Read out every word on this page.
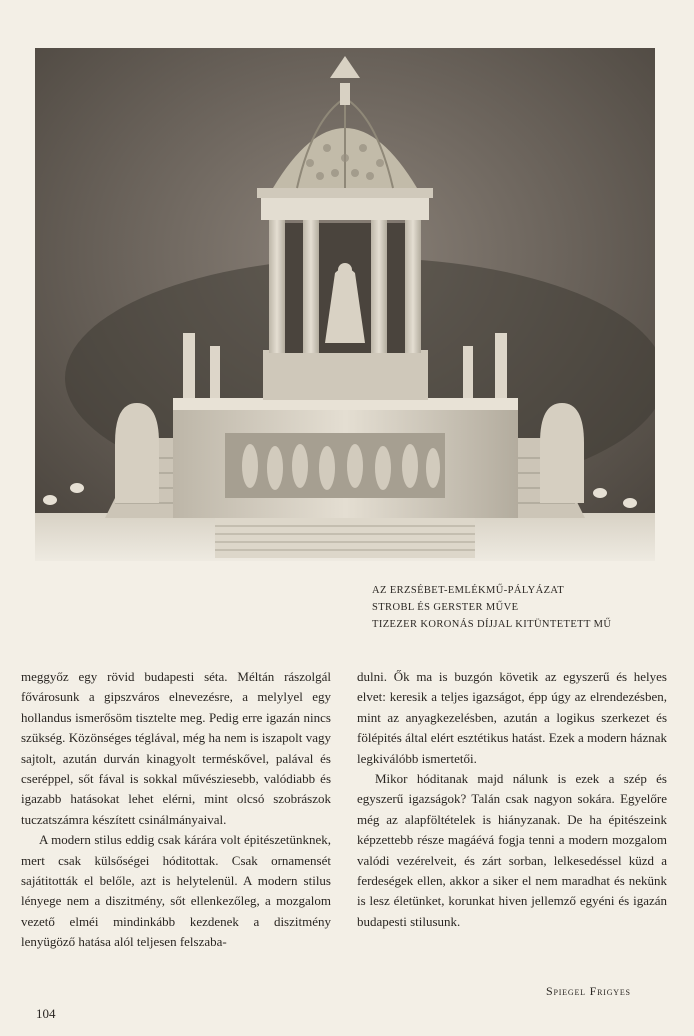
AZ ERZSÉBET-EMLÉKMŰ-PÁLYÁZAT
STROBL ÉS GERSTER MŰVE
TIZEZER KORONÁS DÍJJAL KITÜNTETETT MŰ

meggyőz egy rövid budapesti séta. Méltán rászolgál fővárosunk a gipszváros elnevezésre, a melylyel egy hollandus ismerősöm tisztelte meg. Pedig erre igazán nincs szükség. Közönséges téglával, még ha nem is iszapolt vagy sajtolt, azután durván kinagyolt terméskővel, palával és cseréppel, sőt fával is sokkal művésziesebb, valódiabb és igazabb hatásokat lehet elérni, mint olcsó szobrászok tuczatszámra készített csinálmányaival.

A modern stilus eddig csak kárára volt épitészetünknek, mert csak külsőségei hóditottak. Csak ornamensét sajátitották el belőle, azt is helytelenül. A modern stilus lényege nem a diszitmény, sőt ellenkezőleg, a mozgalom vezető elméi mindinkább kezdenek a diszitmény lenyügöző hatása alól teljesen felszaba-

dulni. Ők ma is buzgón követik az egyszerű és helyes elvet: keresik a teljes igazságot, épp úgy az elrendezésben, mint az anyagkezelésben, azután a logikus szerkezet és fölépités által elért esztétikus hatást. Ezek a modern háznak legkiválóbb ismertetői.

Mikor hóditanak majd nálunk is ezek a szép és egyszerű igazságok? Talán csak nagyon sokára. Egyelőre még az alapföltételek is hiányzanak. De ha épitészeink képzettebb része magáévá fogja tenni a modern mozgalom valódi vezérelveit, és zárt sorban, lelkesedéssel küzd a ferdeségek ellen, akkor a siker el nem maradhat és nekünk is lesz életünket, korunkat hiven jellemző egyéni és igazán budapesti stilusunk.

Spiegel Frigyes
104
